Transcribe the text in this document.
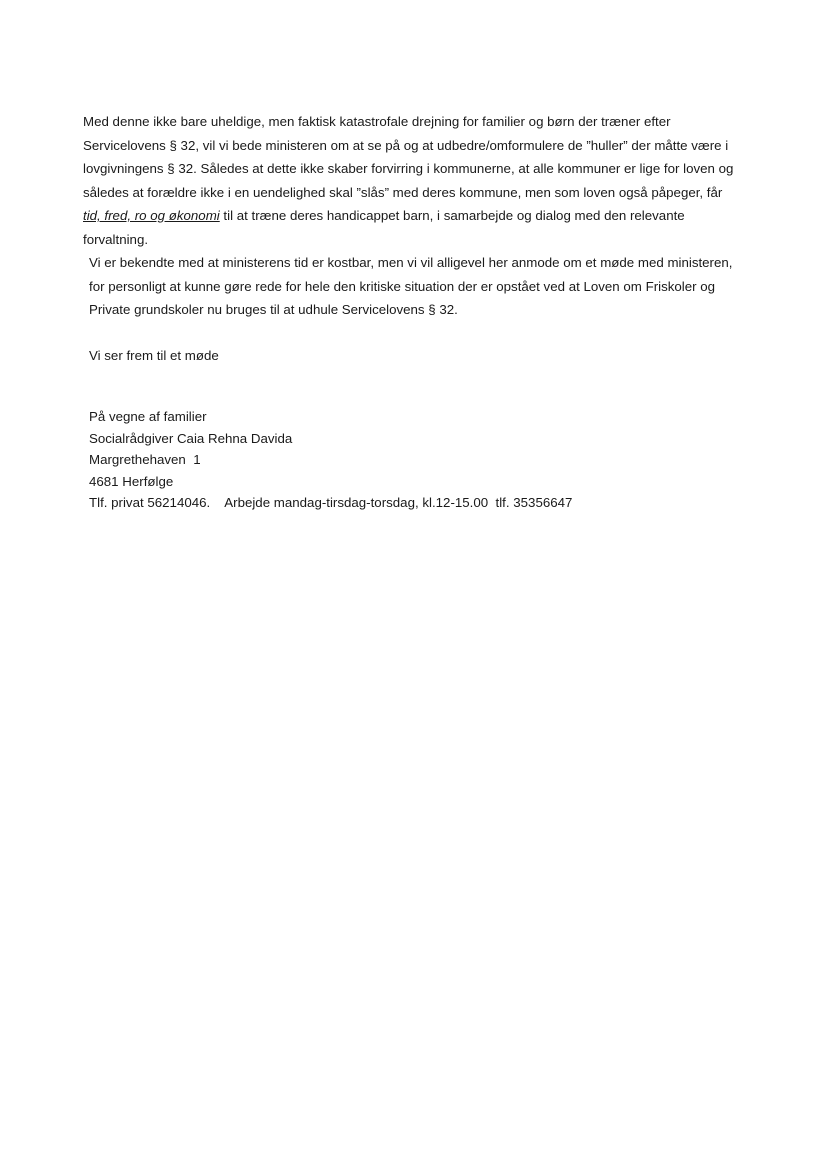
Med denne ikke bare uheldige, men faktisk katastrofale drejning for familier og børn der træner efter Servicelovens § 32, vil vi bede ministeren om at se på og at udbedre/omformulere de ”huller” der måtte være i lovgivningens § 32. Således at dette ikke skaber forvirring i kommunerne, at alle kommuner er lige for loven og således at forældre ikke i en uendelighed skal ”slås” med deres kommune, men som loven også påpeger, får tid, fred, ro og økonomi til at træne deres handicappet barn, i samarbejde og dialog med den relevante forvaltning.

Vi er bekendte med at ministerens tid er kostbar, men vi vil alligevel her anmode om et møde med ministeren, for personligt at kunne gøre rede for hele den kritiske situation der er opstået ved at Loven om Friskoler og Private grundskoler nu bruges til at udhule Servicelovens § 32.

Vi ser frem til et møde

På vegne af familier
Socialrådgiver Caia Rehna Davida
Margrethehaven  1
4681 Herfølge
Tlf. privat 56214046.    Arbejde mandag-tirsdag-torsdag, kl.12-15.00  tlf. 35356647
